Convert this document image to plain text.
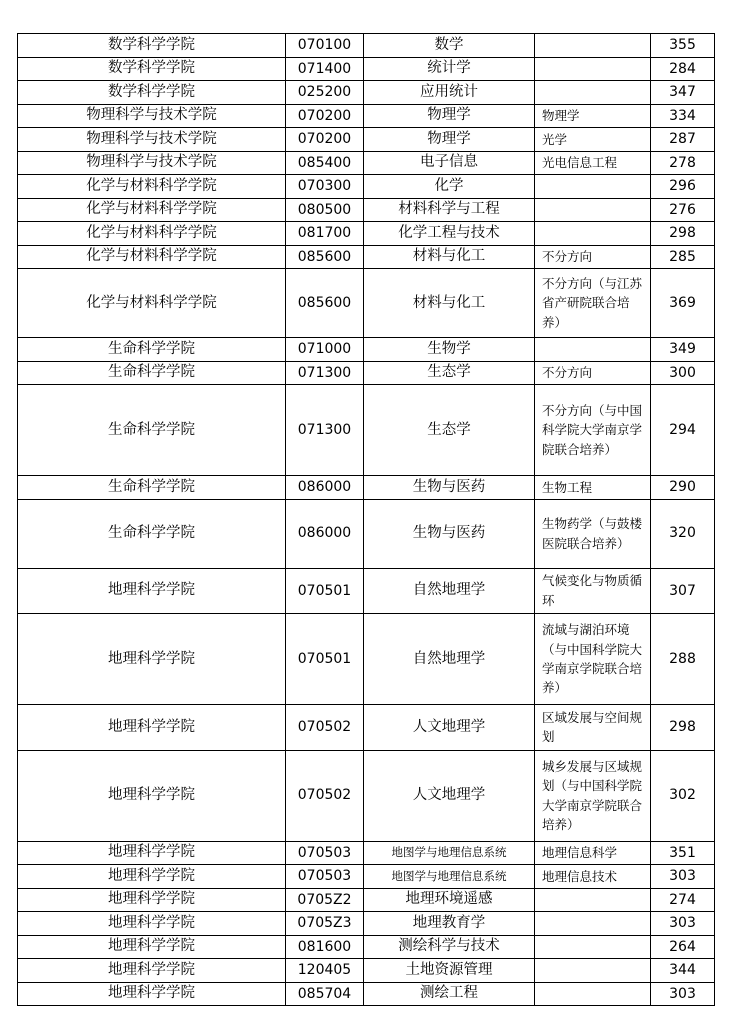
数学科学学院	070100	数学		355
数学科学学院	071400	统计学		284
数学科学学院	025200	应用统计		347
物理科学与技术学院	070200	物理学	物理学	334
物理科学与技术学院	070200	物理学	光学	287
物理科学与技术学院	085400	电子信息	光电信息工程	278
化学与材料科学学院	070300	化学		296
化学与材料科学学院	080500	材料科学与工程		276
化学与材料科学学院	081700	化学工程与技术		298
化学与材料科学学院	085600	材料与化工	不分方向	285
化学与材料科学学院	085600	材料与化工	不分方向（与江苏省产研院联合培养）	369
生命科学学院	071000	生物学		349
生命科学学院	071300	生态学	不分方向	300
生命科学学院	071300	生态学	不分方向（与中国科学院大学南京学院联合培养）	294
生命科学学院	086000	生物与医药	生物工程	290
生命科学学院	086000	生物与医药	生物药学（与鼓楼医院联合培养）	320
地理科学学院	070501	自然地理学	气候变化与物质循环	307
地理科学学院	070501	自然地理学	流域与湖泊环境（与中国科学院大学南京学院联合培养）	288
地理科学学院	070502	人文地理学	区域发展与空间规划	298
地理科学学院	070502	人文地理学	城乡发展与区域规划（与中国科学院大学南京学院联合培养）	302
地理科学学院	070503	地图学与地理信息系统	地理信息科学	351
地理科学学院	070503	地图学与地理信息系统	地理信息技术	303
地理科学学院	0705Z2	地理环境遥感		274
地理科学学院	0705Z3	地理教育学		303
地理科学学院	081600	测绘科学与技术		264
地理科学学院	120405	土地资源管理		344
地理科学学院	085704	测绘工程		303
